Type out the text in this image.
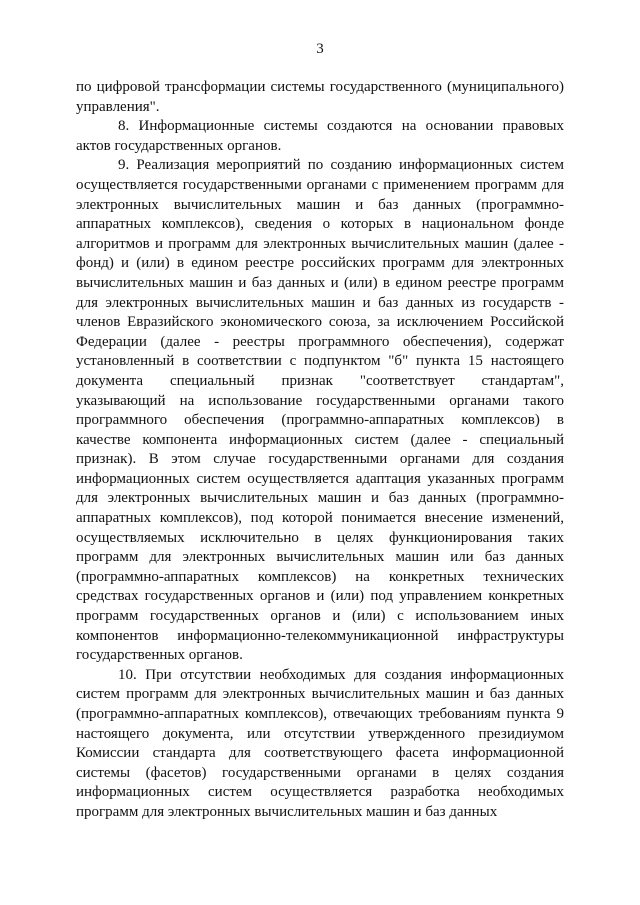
3

по цифровой трансформации системы государственного (муниципального) управления".

8. Информационные системы создаются на основании правовых актов государственных органов.

9. Реализация мероприятий по созданию информационных систем осуществляется государственными органами с применением программ для электронных вычислительных машин и баз данных (программно-аппаратных комплексов), сведения о которых в национальном фонде алгоритмов и программ для электронных вычислительных машин (далее - фонд) и (или) в едином реестре российских программ для электронных вычислительных машин и баз данных и (или) в едином реестре программ для электронных вычислительных машин и баз данных из государств - членов Евразийского экономического союза, за исключением Российской Федерации (далее - реестры программного обеспечения), содержат установленный в соответствии с подпунктом "б" пункта 15 настоящего документа специальный признак "соответствует стандартам", указывающий на использование государственными органами такого программного обеспечения (программно-аппаратных комплексов) в качестве компонента информационных систем (далее - специальный признак). В этом случае государственными органами для создания информационных систем осуществляется адаптация указанных программ для электронных вычислительных машин и баз данных (программно-аппаратных комплексов), под которой понимается внесение изменений, осуществляемых исключительно в целях функционирования таких программ для электронных вычислительных машин или баз данных (программно-аппаратных комплексов) на конкретных технических средствах государственных органов и (или) под управлением конкретных программ государственных органов и (или) с использованием иных компонентов информационно-телекоммуникационной инфраструктуры государственных органов.

10. При отсутствии необходимых для создания информационных систем программ для электронных вычислительных машин и баз данных (программно-аппаратных комплексов), отвечающих требованиям пункта 9 настоящего документа, или отсутствии утвержденного президиумом Комиссии стандарта для соответствующего фасета информационной системы (фасетов) государственными органами в целях создания информационных систем осуществляется разработка необходимых программ для электронных вычислительных машин и баз данных
